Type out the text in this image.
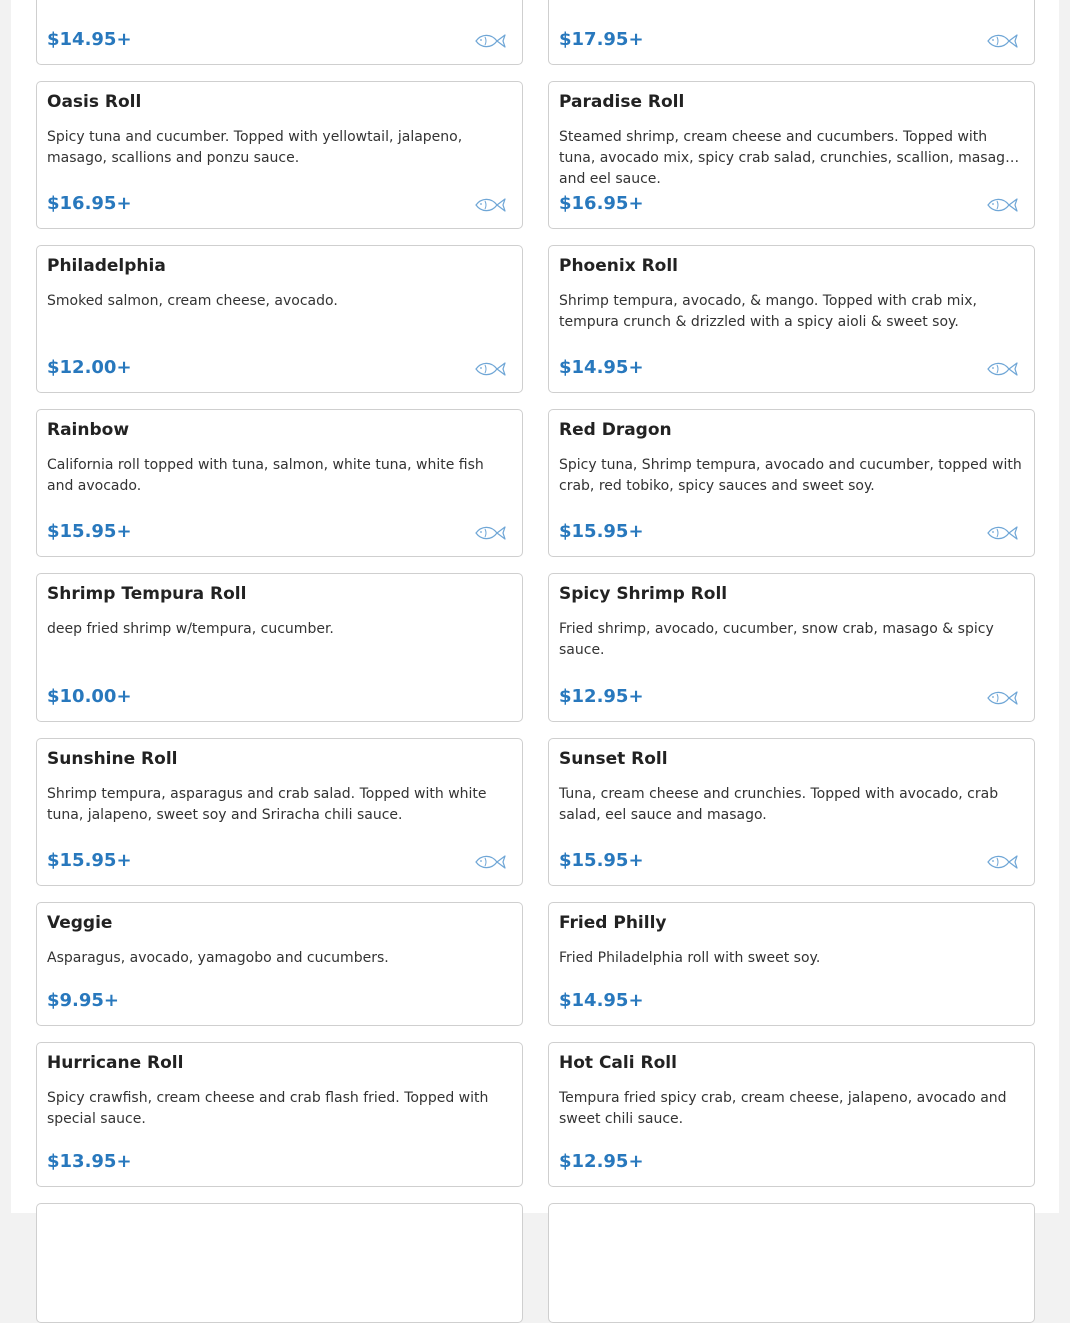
$14.95+	$17.95+
Oasis Roll
Spicy tuna and cucumber. Topped with yellowtail, jalapeno, masago, scallions and ponzu sauce.
$16.95+
Paradise Roll
Steamed shrimp, cream cheese and cucumbers. Topped with tuna, avocado mix, spicy crab salad, crunchies, scallion, masago and eel sauce.
$16.95+
Philadelphia
Smoked salmon, cream cheese, avocado.
$12.00+
Phoenix Roll
Shrimp tempura, avocado, & mango. Topped with crab mix, tempura crunch & drizzled with a spicy aioli & sweet soy.
$14.95+
Rainbow
California roll topped with tuna, salmon, white tuna, white fish and avocado.
$15.95+
Red Dragon
Spicy tuna, Shrimp tempura, avocado and cucumber, topped with crab, red tobiko, spicy sauces and sweet soy.
$15.95+
Shrimp Tempura Roll
deep fried shrimp w/tempura, cucumber.
$10.00+
Spicy Shrimp Roll
Fried shrimp, avocado, cucumber, snow crab, masago & spicy sauce.
$12.95+
Sunshine Roll
Shrimp tempura, asparagus and crab salad. Topped with white tuna, jalapeno, sweet soy and Sriracha chili sauce.
$15.95+
Sunset Roll
Tuna, cream cheese and crunchies. Topped with avocado, crab salad, eel sauce and masago.
$15.95+
Veggie
Asparagus, avocado, yamagobo and cucumbers.
$9.95+
Fried Philly
Fried Philadelphia roll with sweet soy.
$14.95+
Hurricane Roll
Spicy crawfish, cream cheese and crab flash fried. Topped with special sauce.
$13.95+
Hot Cali Roll
Tempura fried spicy crab, cream cheese, jalapeno, avocado and sweet chili sauce.
$12.95+
